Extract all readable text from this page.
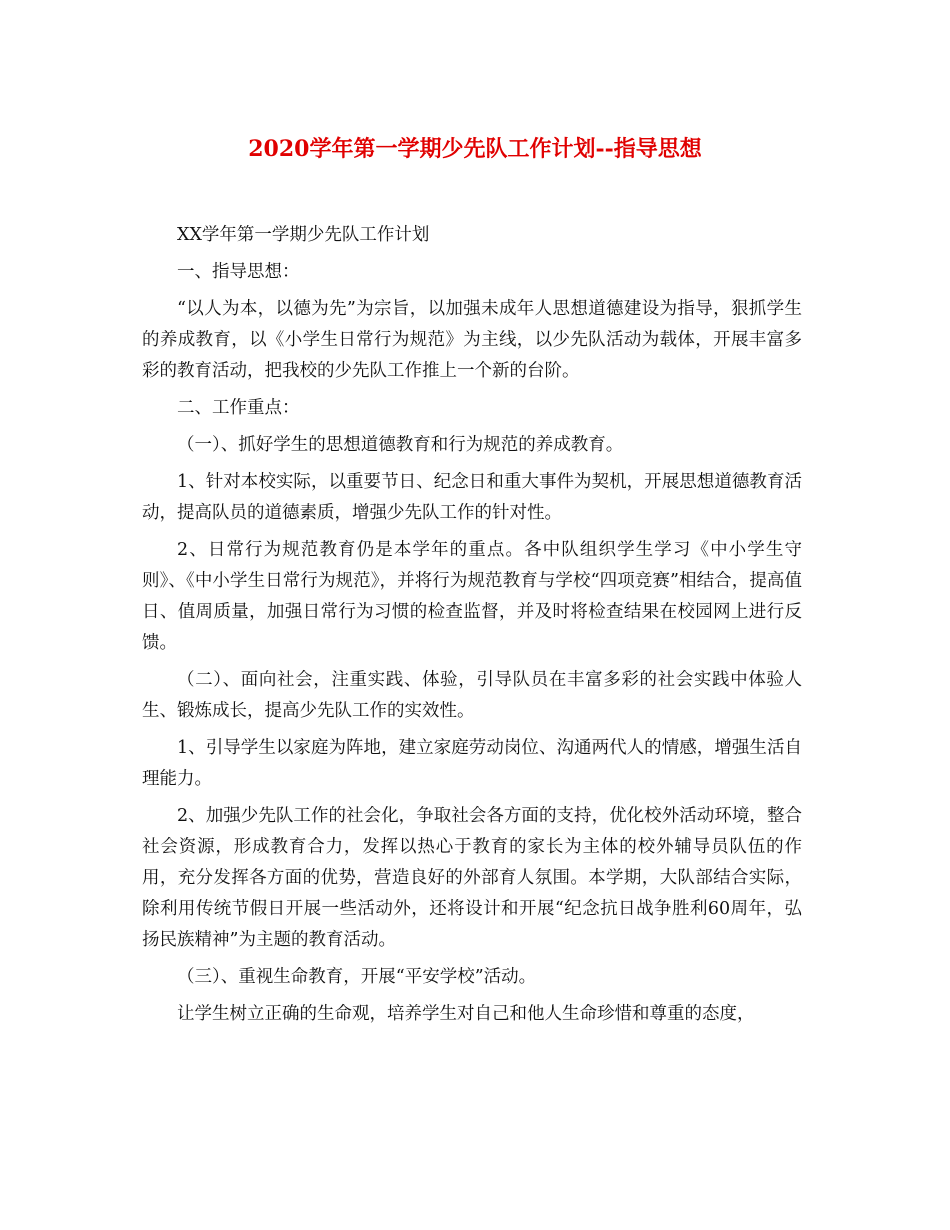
2020学年第一学期少先队工作计划--指导思想

XX学年第一学期少先队工作计划

一、指导思想：

“以人为本，以德为先”为宗旨，以加强未成年人思想道德建设为指导，狠抓学生的养成教育，以《小学生日常行为规范》为主线，以少先队活动为载体，开展丰富多彩的教育活动，把我校的少先队工作推上一个新的台阶。

二、工作重点：

（一）、抓好学生的思想道德教育和行为规范的养成教育。

1、针对本校实际，以重要节日、纪念日和重大事件为契机，开展思想道德教育活动，提高队员的道德素质，增强少先队工作的针对性。

2、日常行为规范教育仍是本学年的重点。各中队组织学生学习《中小学生守则》、《中小学生日常行为规范》，并将行为规范教育与学校“四项竞赛”相结合，提高值日、值周质量，加强日常行为习惯的检查监督，并及时将检查结果在校园网上进行反馈。

（二）、面向社会，注重实践、体验，引导队员在丰富多彩的社会实践中体验人生、锻炼成长，提高少先队工作的实效性。

1、引导学生以家庭为阵地，建立家庭劳动岗位、沟通两代人的情感，增强生活自理能力。

2、加强少先队工作的社会化，争取社会各方面的支持，优化校外活动环境，整合社会资源，形成教育合力，发挥以热心于教育的家长为主体的校外辅导员队伍的作用，充分发挥各方面的优势，营造良好的外部育人氛围。本学期，大队部结合实际，除利用传统节假日开展一些活动外，还将设计和开展“纪念抗日战争胜利60周年，弘扬民族精神”为主题的教育活动。

（三）、重视生命教育，开展“平安学校”活动。

让学生树立正确的生命观，培养学生对自己和他人生命珍惜和尊重的态度，
